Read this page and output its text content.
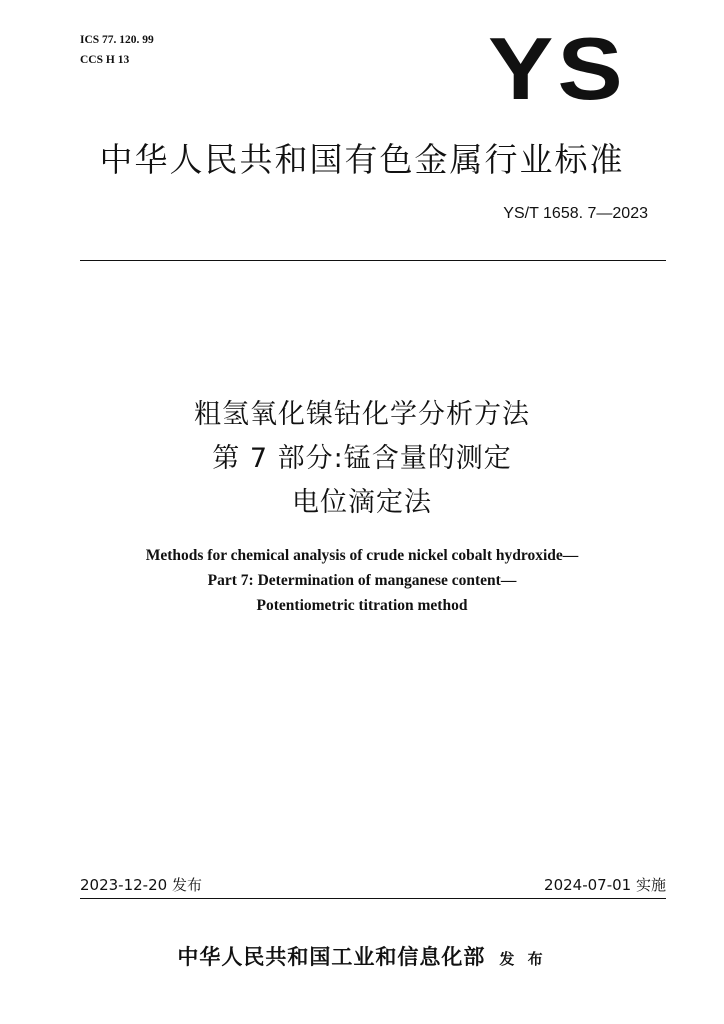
ICS 77. 120. 99
CCS H 13	YS
中华人民共和国有色金属行业标准
YS/T 1658. 7—2023
粗氢氧化镍钴化学分析方法
第 7 部分:锰含量的测定
电位滴定法
Methods for chemical analysis of crude nickel cobalt hydroxide—
Part 7: Determination of manganese content—
Potentiometric titration method
2023-12-20 发布	2024-07-01 实施
中华人民共和国工业和信息化部 发 布
